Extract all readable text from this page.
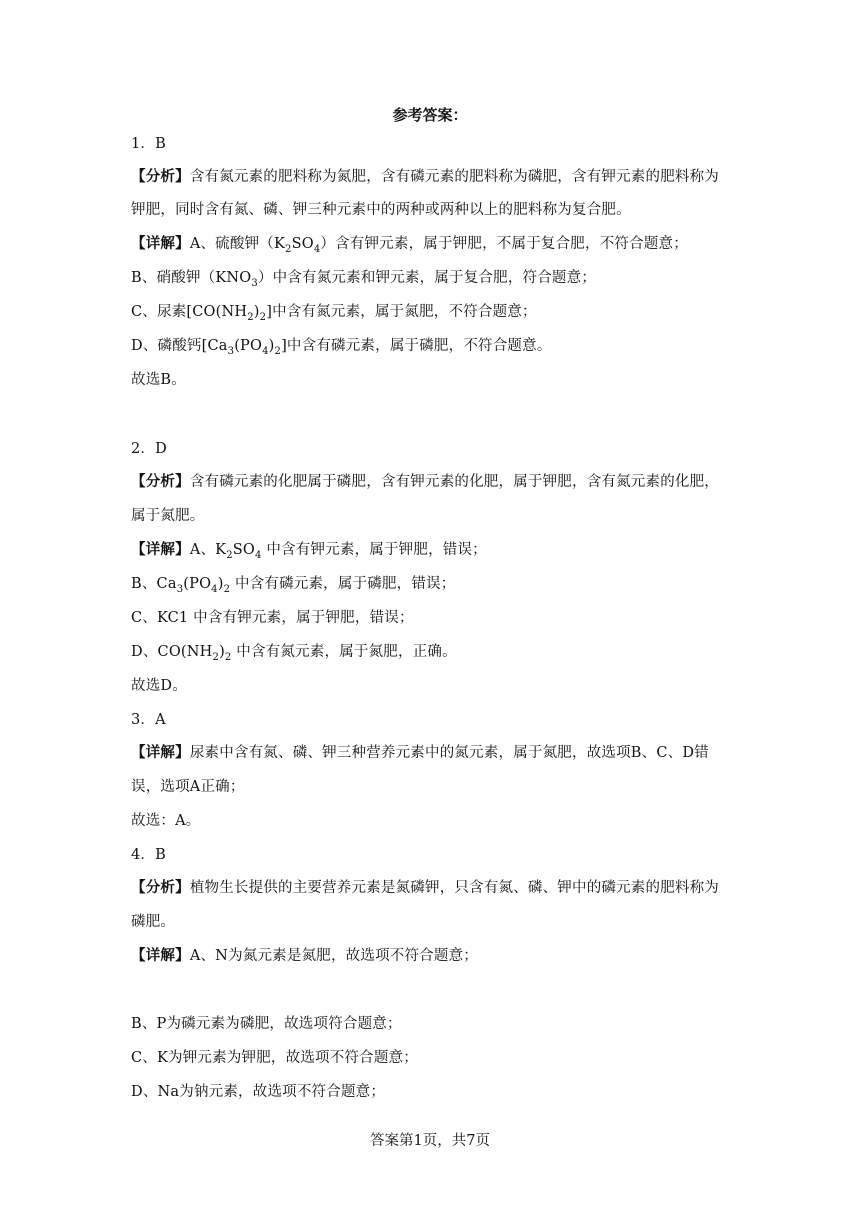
参考答案：
1．B
【分析】含有氮元素的肥料称为氮肥，含有磷元素的肥料称为磷肥，含有钾元素的肥料称为
钾肥，同时含有氮、磷、钾三种元素中的两种或两种以上的肥料称为复合肥。
【详解】A、硫酸钾$(K_2SO_4)$含有钾元素，属于钾肥，不属于复合肥，不符合题意；
B、硝酸钾$(KNO_3)$中含有氮元素和钾元素，属于复合肥，符合题意；
C、尿素$[CO(NH_2)_2]$中含有氮元素，属于氮肥，不符合题意；
D、磷酸钙$[Ca_3(PO_4)_2]$中含有磷元素，属于磷肥，不符合题意。
故选B。
2．D
【分析】含有磷元素的化肥属于磷肥，含有钾元素的化肥，属于钾肥，含有氮元素的化肥，
属于氮肥。
【详解】A、$K_2SO_4$ 中含有钾元素，属于钾肥，错误；
B、$Ca_3(PO_4)_2$ 中含有磷元素，属于磷肥，错误；
C、KC1 中含有钾元素，属于钾肥，错误；
D、$CO(NH_2)_2$ 中含有氮元素，属于氮肥，正确。
故选D。
3．A
【详解】尿素中含有氮、磷、钾三种营养元素中的氮元素，属于氮肥，故选项B、C、D错
误，选项A正确；
故选：A。
4．B
【分析】植物生长提供的主要营养元素是氮磷钾，只含有氮、磷、钾中的磷元素的肥料称为
磷肥。
【详解】A、N为氮元素是氮肥，故选项不符合题意；
B、P为磷元素为磷肥，故选项符合题意；
C、K为钾元素为钾肥，故选项不符合题意；
D、Na为钠元素，故选项不符合题意；
答案第1页，共7页
